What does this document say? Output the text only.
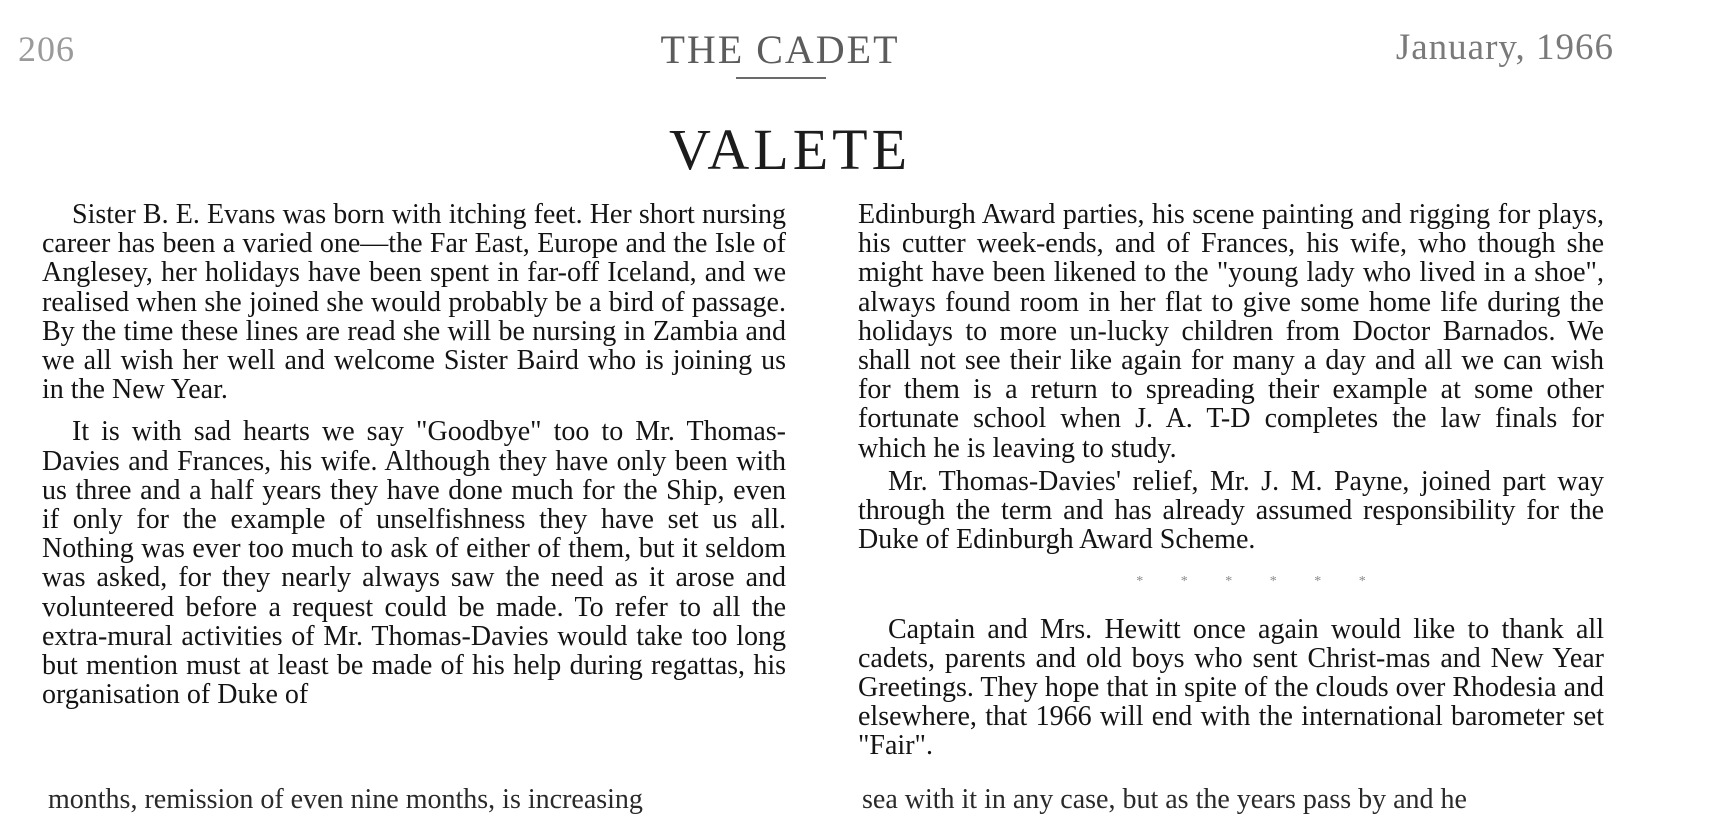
206	THE CADET	January, 1966
VALETE

Sister B. E. Evans was born with itching feet. Her short nursing career has been a varied one—the Far East, Europe and the Isle of Anglesey, her holidays have been spent in far-off Iceland, and we realised when she joined she would probably be a bird of passage. By the time these lines are read she will be nursing in Zambia and we all wish her well and welcome Sister Baird who is joining us in the New Year.

It is with sad hearts we say "Goodbye" too to Mr. Thomas-Davies and Frances, his wife. Although they have only been with us three and a half years they have done much for the Ship, even if only for the example of unselfishness they have set us all. Nothing was ever too much to ask of either of them, but it seldom was asked, for they nearly always saw the need as it arose and volunteered before a request could be made. To refer to all the extra-mural activities of Mr. Thomas-Davies would take too long but mention must at least be made of his help during regattas, his organisation of Duke of

Edinburgh Award parties, his scene painting and rigging for plays, his cutter week-ends, and of Frances, his wife, who though she might have been likened to the "young lady who lived in a shoe", always found room in her flat to give some home life during the holidays to more un-lucky children from Doctor Barnados. We shall not see their like again for many a day and all we can wish for them is a return to spreading their example at some other fortunate school when J. A. T-D completes the law finals for which he is leaving to study.

Mr. Thomas-Davies' relief, Mr. J. M. Payne, joined part way through the term and has already assumed responsibility for the Duke of Edinburgh Award Scheme.

* * * * * *

Captain and Mrs. Hewitt once again would like to thank all cadets, parents and old boys who sent Christ-mas and New Year Greetings. They hope that in spite of the clouds over Rhodesia and elsewhere, that 1966 will end with the international barometer set "Fair".

months, remission of even nine months, is increasing	sea with it in any case, but as the years pass by and he
